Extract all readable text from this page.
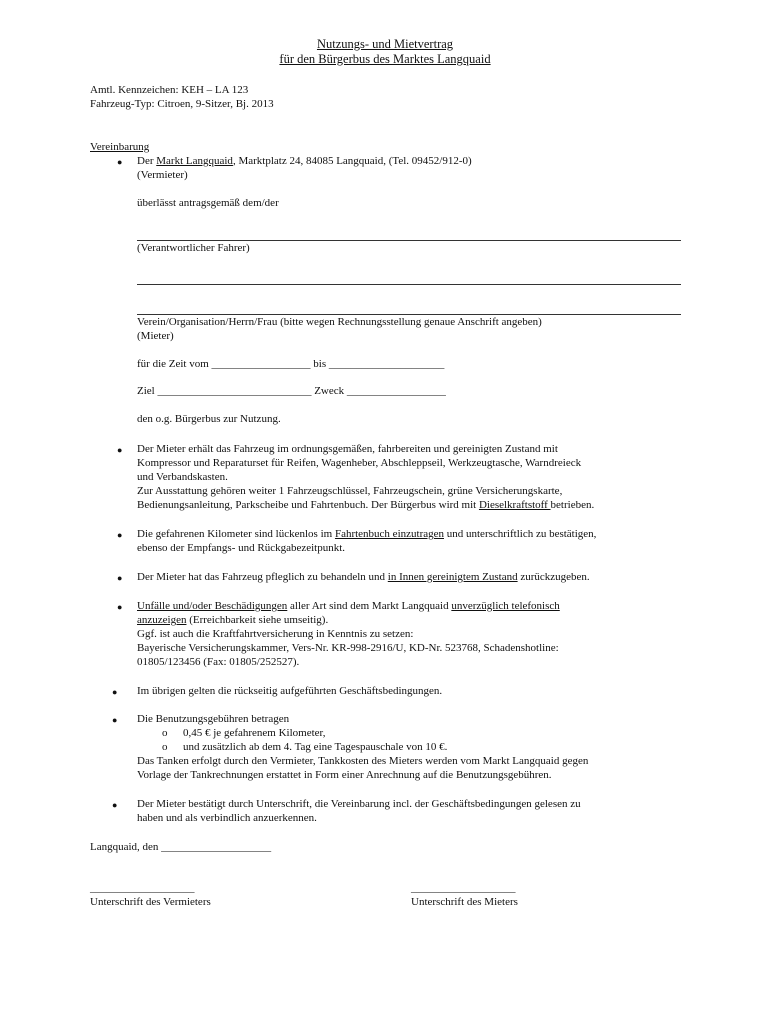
Nutzungs- und Mietvertrag
für den Bürgerbus des Marktes Langquaid
Amtl. Kennzeichen: KEH – LA 123
Fahrzeug-Typ: Citroen, 9-Sitzer, Bj. 2013
Vereinbarung
● Der Markt Langquaid, Marktplatz 24, 84085 Langquaid, (Tel. 09452/912-0)
(Vermieter)
überlässt antragsgemäß dem/der
(Verantwortlicher Fahrer)
Verein/Organisation/Herrn/Frau (bitte wegen Rechnungsstellung genaue Anschrift angeben)
(Mieter)
für die Zeit vom __________________ bis _____________________
Ziel ____________________________ Zweck __________________
den o.g. Bürgerbus zur Nutzung.
● Der Mieter erhält das Fahrzeug im ordnungsgemäßen, fahrbereiten und gereinigten Zustand mit
Kompressor und Reparaturset für Reifen, Wagenheber, Abschleppseil, Werkzeugtasche, Warndreieck
und Verbandskasten.
Zur Ausstattung gehören weiter 1 Fahrzeugschlüssel, Fahrzeugschein, grüne Versicherungskarte,
Bedienungsanleitung, Parkscheibe und Fahrtenbuch. Der Bürgerbus wird mit Dieselkraftstoff betrieben.
● Die gefahrenen Kilometer sind lückenlos im Fahrtenbuch einzutragen und unterschriftlich zu bestätigen,
ebenso der Empfangs- und Rückgabezeitpunkt.
● Der Mieter hat das Fahrzeug pfleglich zu behandeln und in Innen gereinigtem Zustand zurückzugeben.
● Unfälle und/oder Beschädigungen aller Art sind dem Markt Langquaid unverzüglich telefonisch
anzuzeigen (Erreichbarkeit siehe umseitig).
Ggf. ist auch die Kraftfahrtversicherung in Kenntnis zu setzen:
Bayerische Versicherungskammer, Vers-Nr. KR-998-2916/U, KD-Nr. 523768, Schadenshotline:
01805/123456 (Fax: 01805/252527).
● Im übrigen gelten die rückseitig aufgeführten Geschäftsbedingungen.
● Die Benutzungsgebühren betragen
o 0,45 € je gefahrenem Kilometer,
o und zusätzlich ab dem 4. Tag eine Tagespauschale von 10 €.
Das Tanken erfolgt durch den Vermieter, Tankkosten des Mieters werden vom Markt Langquaid gegen
Vorlage der Tankrechnungen erstattet in Form einer Anrechnung auf die Benutzungsgebühren.
● Der Mieter bestätigt durch Unterschrift, die Vereinbarung incl. der Geschäftsbedingungen gelesen zu
haben und als verbindlich anzuerkennen.
Langquaid, den ____________________
___________________
Unterschrift des Vermieters
___________________
Unterschrift des Mieters
